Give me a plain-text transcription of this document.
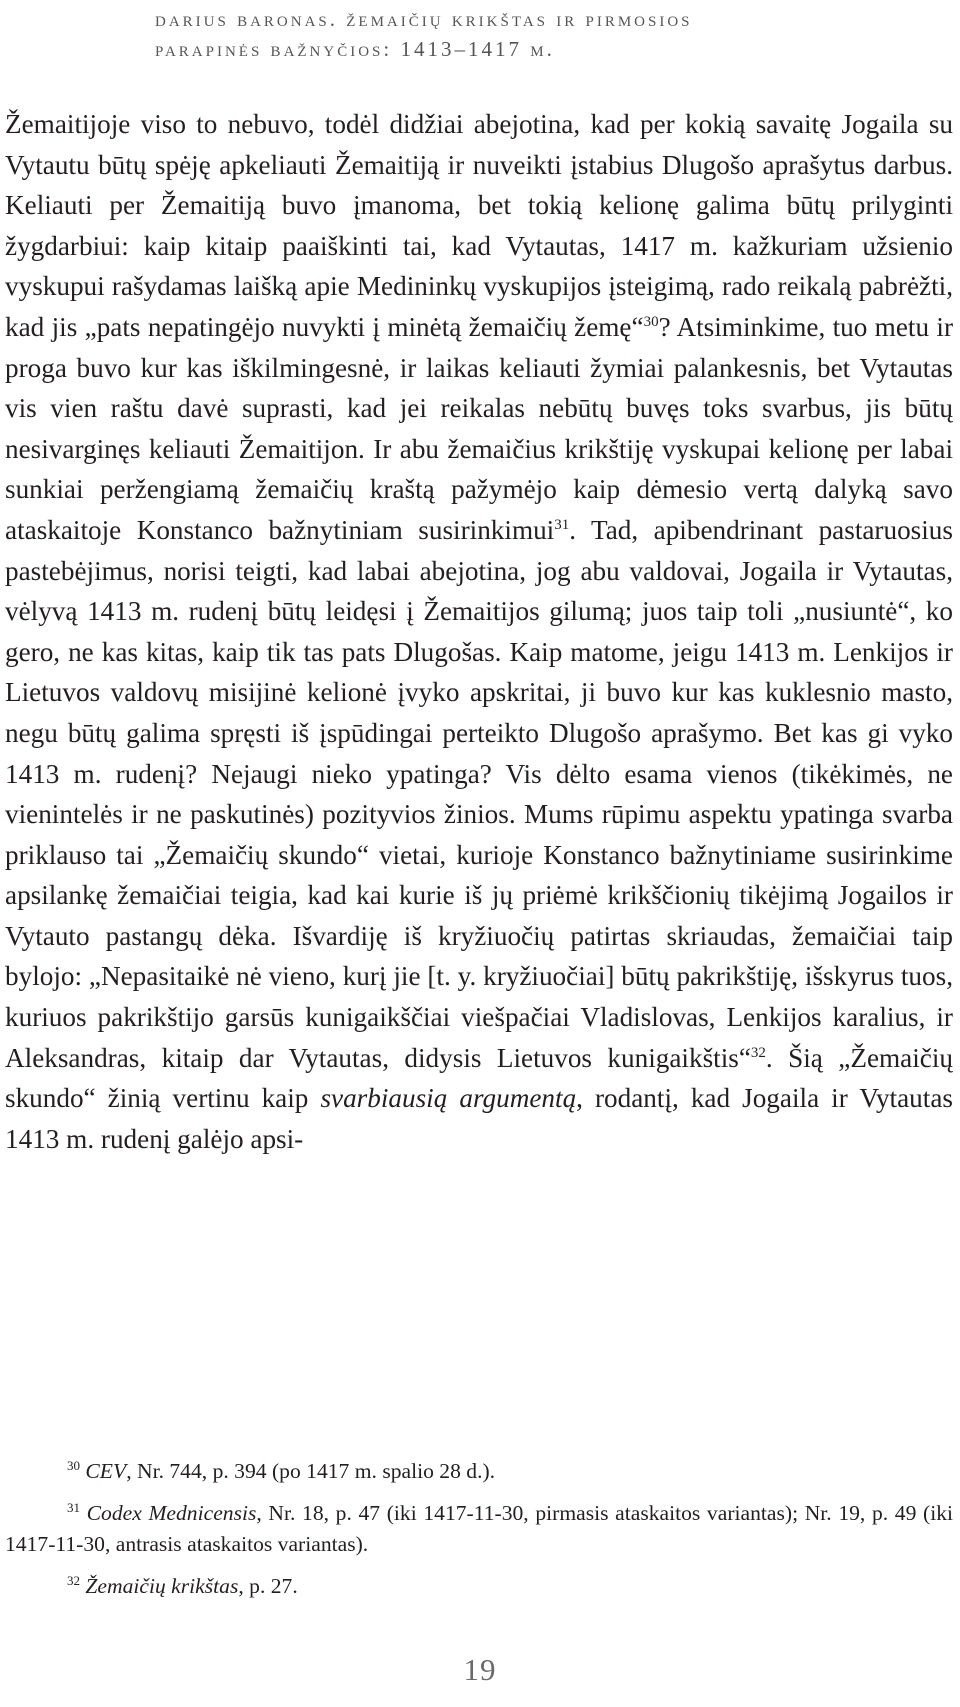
darius baronas. žemaičių krikštas ir pirmosios
parapinės bažnyčios: 1413–1417 m.

Žemaitijoje viso to nebuvo, todėl didžiai abejotina, kad per kokią savaitę Jogaila su Vytautu būtų spėję apkeliauti Žemaitiją ir nuveikti įstabius Dlugošo aprašytus darbus. Keliauti per Žemaitiją buvo įmanoma, bet tokią kelionę galima būtų prilyginti žygdarbiui: kaip kitaip paaiškinti tai, kad Vytautas, 1417 m. kažkuriam užsienio vyskupui rašydamas laišką apie Medininkų vyskupijos įsteigimą, rado reikalą pabrėžti, kad jis „pats nepatingėjo nuvykti į minėtą žemaičių žemę“$^{30}$? Atsiminkime, tuo metu ir proga buvo kur kas iškilmingesnė, ir laikas keliauti žymiai palankesnis, bet Vytautas vis vien raštu davė suprasti, kad jei reikalas nebūtų buvęs toks svarbus, jis būtų nesivarginęs keliauti Žemaitijon. Ir abu žemaičius krikštiję vyskupai kelionę per labai sunkiai peržengiamą žemaičių kraštą pažymėjo kaip dėmesio vertą dalyką savo ataskaitoje Konstanco bažnytiniam susirinkimui$^{31}$. Tad, apibendrinant pastaruosius pastebėjimus, norisi teigti, kad labai abejotina, jog abu valdovai, Jogaila ir Vytautas, vėlyvą 1413 m. rudenį būtų leidęsi į Žemaitijos gilumą; juos taip toli „nusiuntė“, ko gero, ne kas kitas, kaip tik tas pats Dlugošas. Kaip matome, jeigu 1413 m. Lenkijos ir Lietuvos valdovų misijinė kelionė įvyko apskritai, ji buvo kur kas kuklesnio masto, negu būtų galima spręsti iš įspūdingai perteikto Dlugošo aprašymo. Bet kas gi vyko 1413 m. rudenį? Nejaugi nieko ypatinga? Vis dėlto esama vienos (tikėkimės, ne vienintelės ir ne paskutinės) pozityvios žinios. Mums rūpimu aspektu ypatinga svarba priklauso tai „Žemaičių skundo“ vietai, kurioje Konstanco bažnytiniame susirinkime apsilankę žemaičiai teigia, kad kai kurie iš jų priėmė krikščionių tikėjimą Jogailos ir Vytauto pastangų dėka. Išvardiję iš kryžiuočių patirtas skriaudas, žemaičiai taip bylojo: „Nepasitaikė nė vieno, kurį jie [t. y. kryžiuočiai] būtų pakrikštiję, išskyrus tuos, kuriuos pakrikštijo garsūs kunigaikščiai viešpačiai Vladislovas, Lenkijos karalius, ir Aleksandras, kitaip dar Vytautas, didysis Lietuvos kunigaikštis“$^{32}$. Šią „Žemaičių skundo“ žinią vertinu kaip svarbiausią argumentą, rodantį, kad Jogaila ir Vytautas 1413 m. rudenį galėjo apsi-

$^{30}$ CEV, Nr. 744, p. 394 (po 1417 m. spalio 28 d.).

$^{31}$ Codex Mednicensis, Nr. 18, p. 47 (iki 1417-11-30, pirmasis ataskaitos variantas); Nr. 19, p. 49 (iki 1417-11-30, antrasis ataskaitos variantas).

$^{32}$ Žemaičių krikštas, p. 27.

19
